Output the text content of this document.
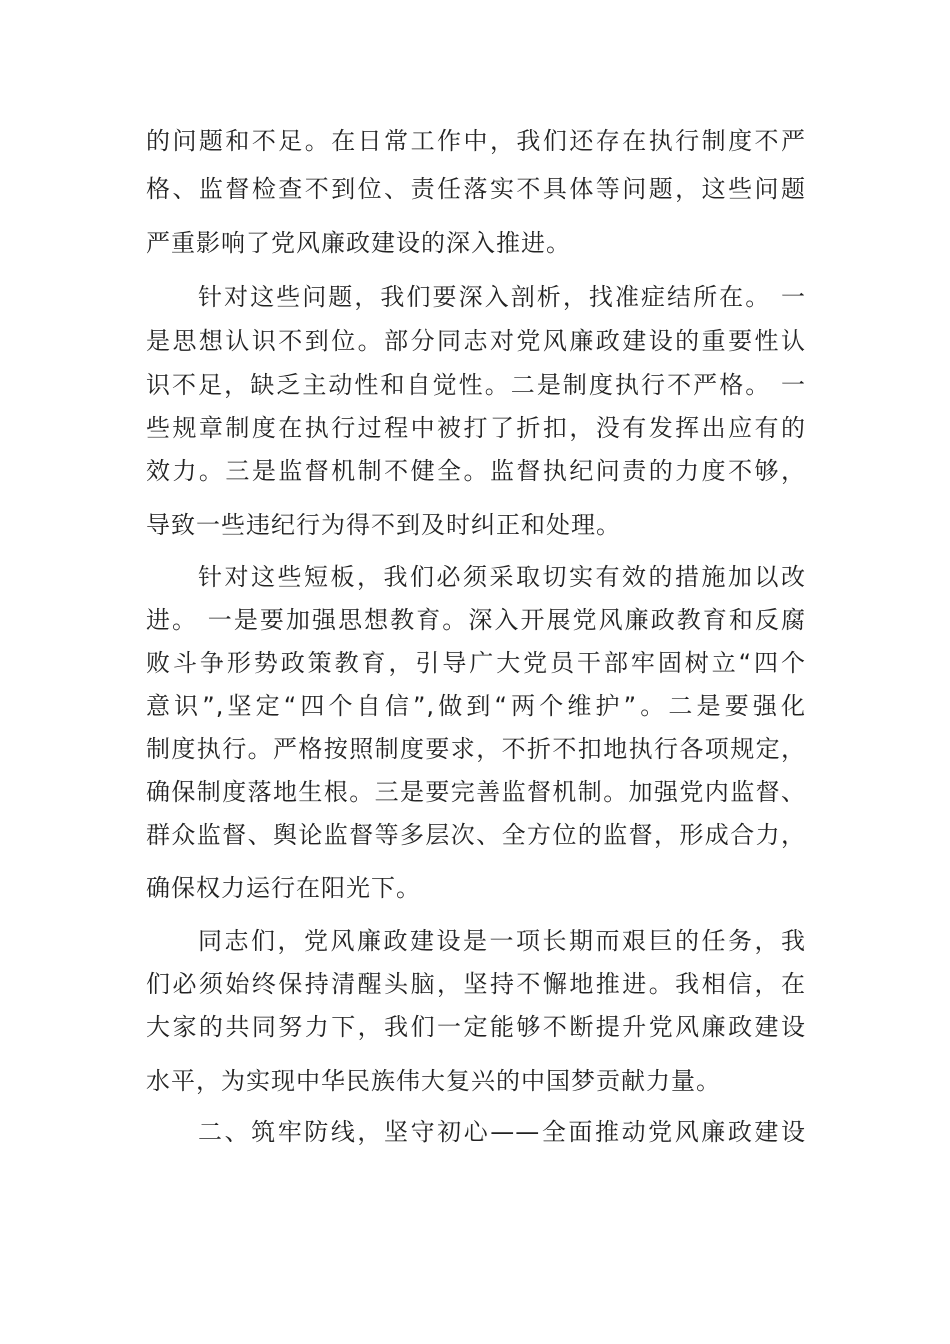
的问题和不足。在日常工作中，我们还存在执行制度不严
格、监督检查不到位、责任落实不具体等问题，这些问题
严重影响了党风廉政建设的深入推进。
针对这些问题，我们要深入剖析，找准症结所在。 一
是思想认识不到位。部分同志对党风廉政建设的重要性认
识不足，缺乏主动性和自觉性。二是制度执行不严格。 一
些规章制度在执行过程中被打了折扣，没有发挥出应有的
效力。三是监督机制不健全。监督执纪问责的力度不够，
导致一些违纪行为得不到及时纠正和处理。
针对这些短板，我们必须采取切实有效的措施加以改
进。 一是要加强思想教育。深入开展党风廉政教育和反腐
败斗争形势政策教育，引导广大党员干部牢固树立“四个
意识”,坚定“四个自信”,做到“两个维护”。二是要强化
制度执行。严格按照制度要求，不折不扣地执行各项规定，
确保制度落地生根。三是要完善监督机制。加强党内监督、
群众监督、舆论监督等多层次、全方位的监督，形成合力，
确保权力运行在阳光下。
同志们，党风廉政建设是一项长期而艰巨的任务，我
们必须始终保持清醒头脑，坚持不懈地推进。我相信，在
大家的共同努力下，我们一定能够不断提升党风廉政建设
水平，为实现中华民族伟大复兴的中国梦贡献力量。
二、筑牢防线，坚守初心——全面推动党风廉政建设
